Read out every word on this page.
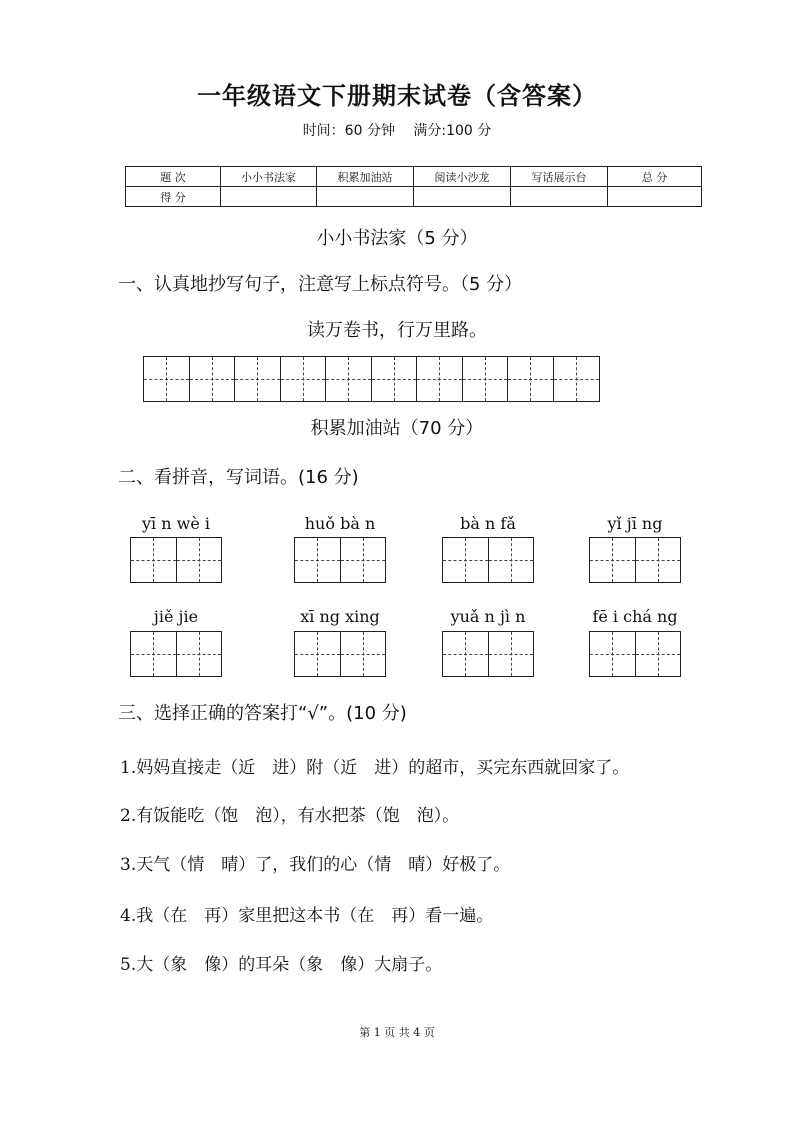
一年级语文下册期末试卷（含答案）
时间：60 分钟 满分:100 分
题 次	小小书法家	积累加油站	阅读小沙龙	写话展示台	总 分
得 分					
小小书法家（5 分）
一、认真地抄写句子，注意写上标点符号。（5 分）
读万卷书，行万里路。
积累加油站（70 分）
二、看拼音，写词语。(16 分)
yī n wè i	huǒ bà n	bà n fǎ	yǐ jī ng
jiě jie	xī ng xing	yuǎ n jì n	fē i chá ng
三、选择正确的答案打“√”。(10 分)
1.妈妈直接走（近　进）附（近　进）的超市，买完东西就回家了。
2.有饭能吃（饱　泡），有水把茶（饱　泡）。
3.天气（情　晴）了，我们的心（情　晴）好极了。
4.我（在　再）家里把这本书（在　再）看一遍。
5.大（象　像）的耳朵（象　像）大扇子。
第 1 页 共 4 页
